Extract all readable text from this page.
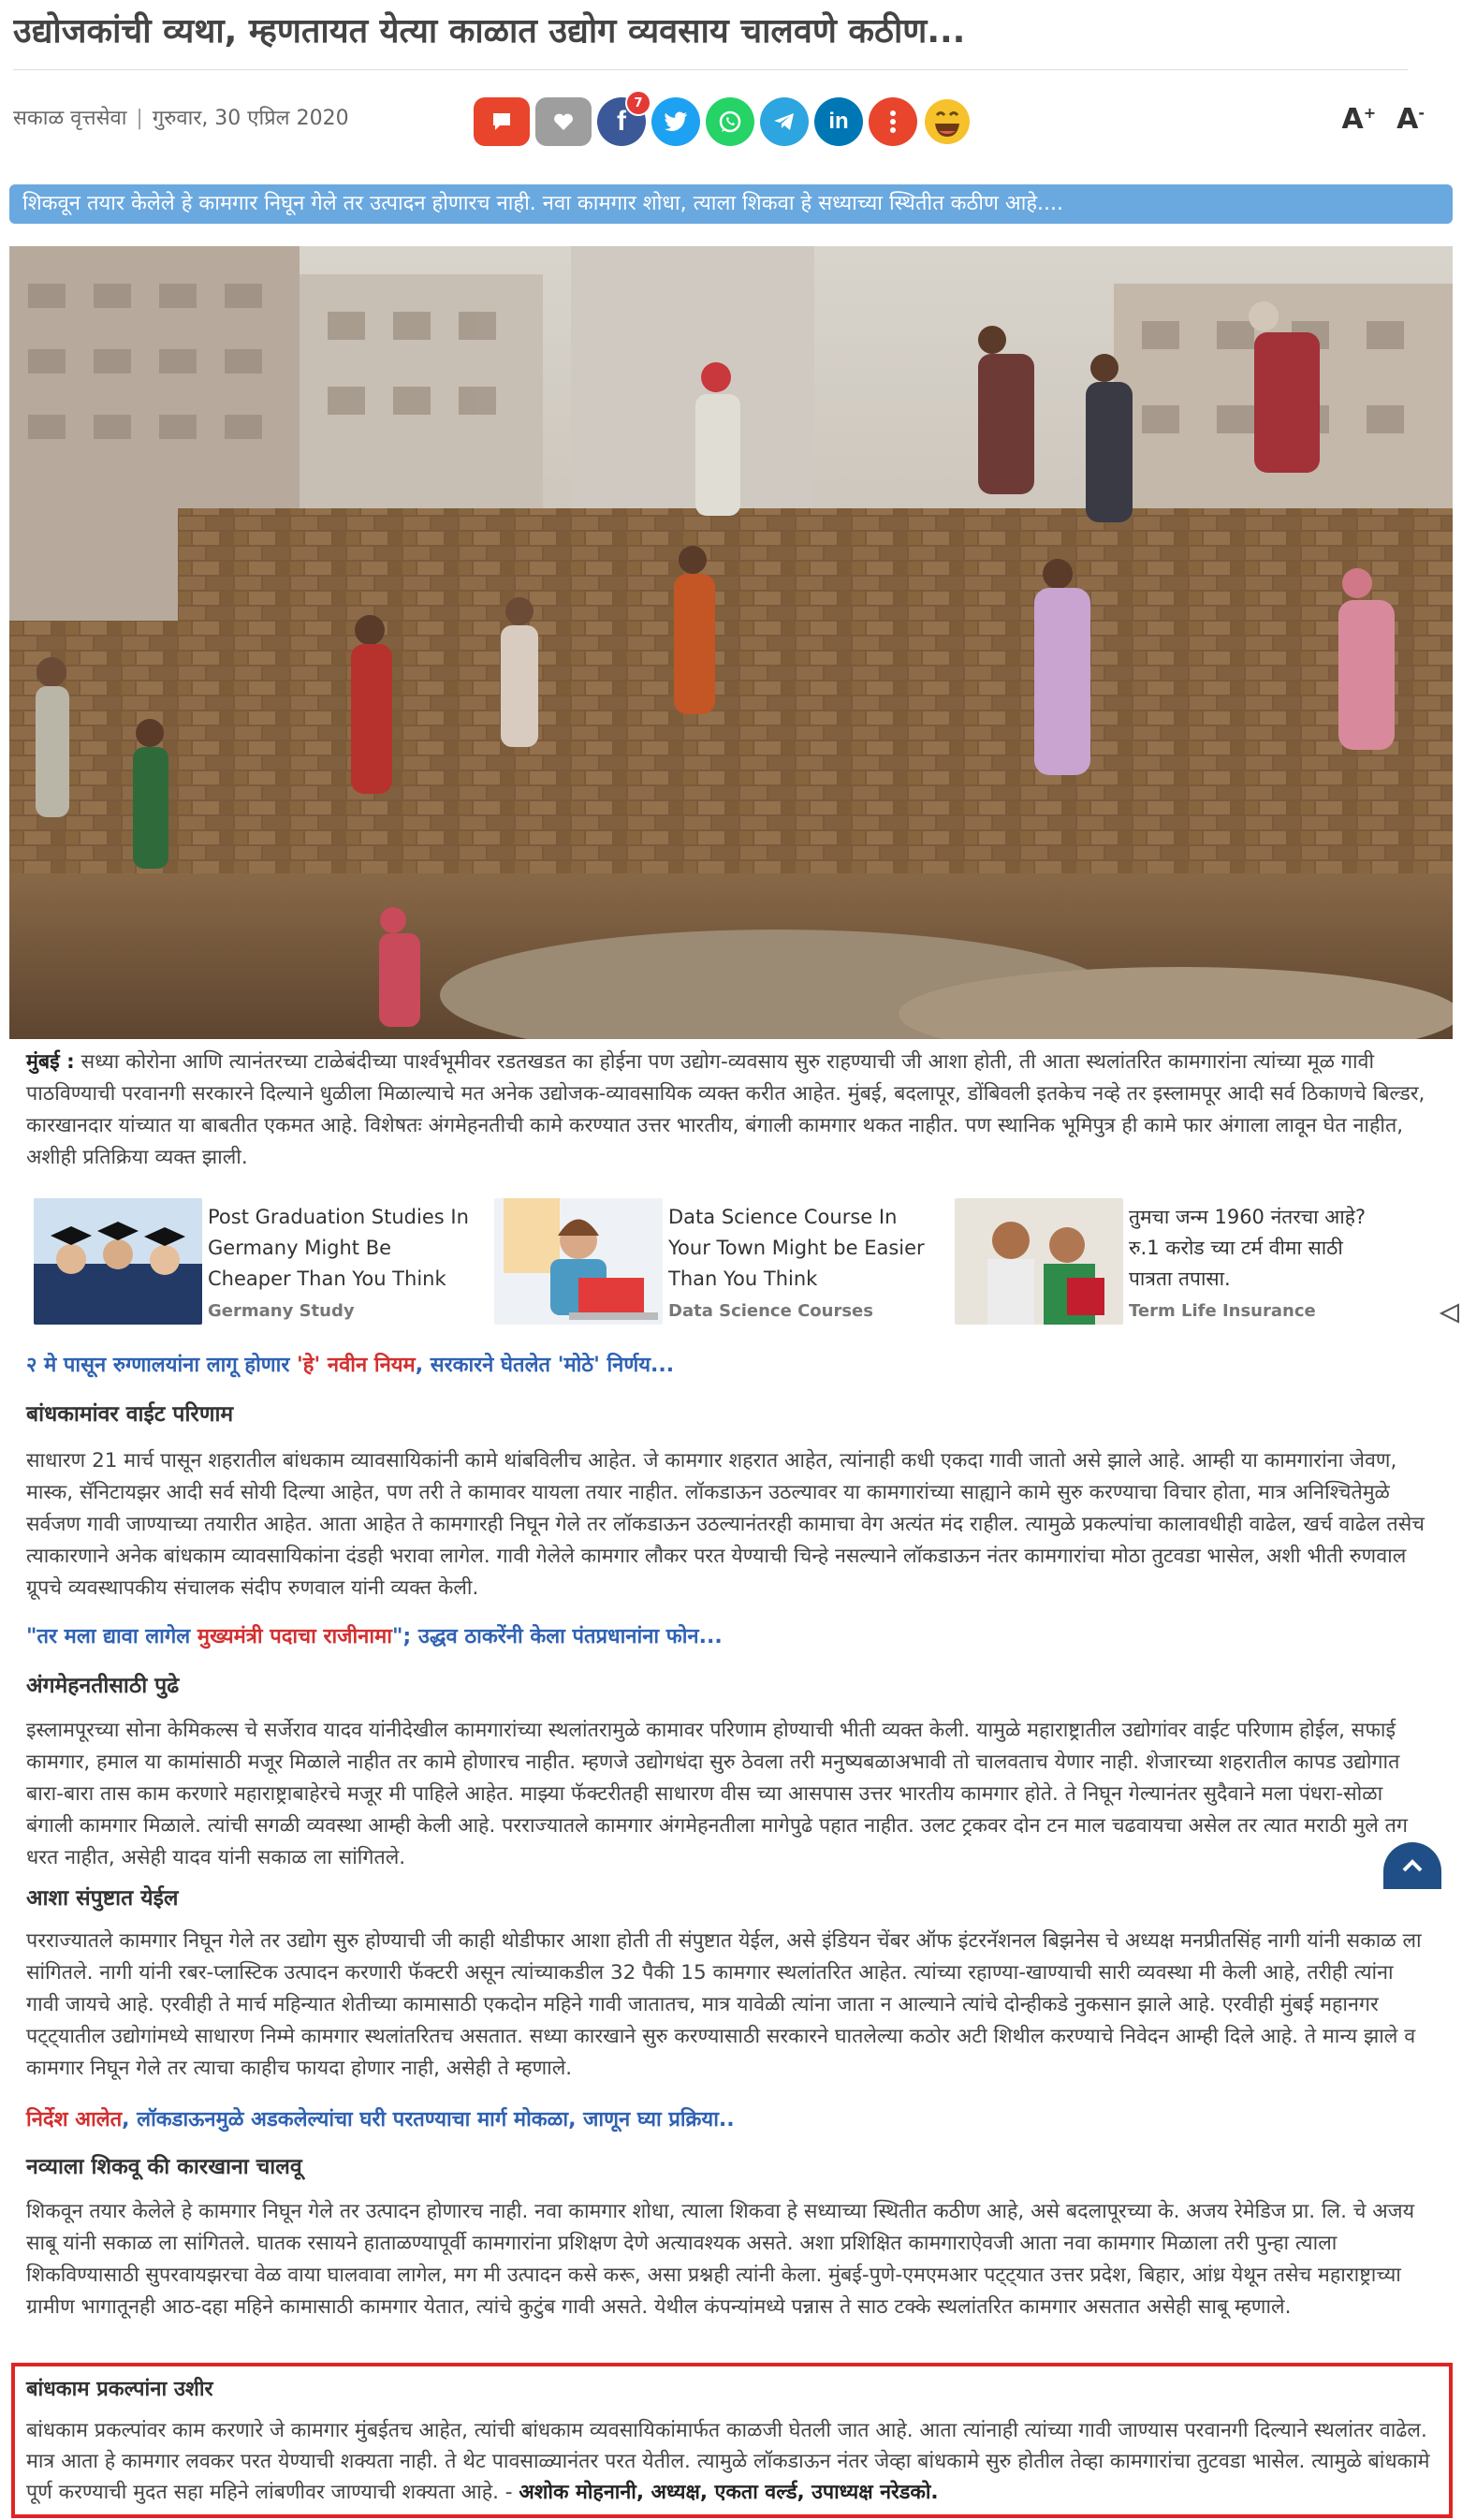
उद्योजकांची व्यथा, म्हणतायत येत्या काळात उद्योग व्यवसाय चालवणे कठीण...
सकाळ वृत्तसेवा | गुरुवार, 30 एप्रिल 2020	f
7
in	A+ A-
शिकवून तयार केलेले हे कामगार निघून गेले तर उत्पादन होणारच नाही. नवा कामगार शोधा, त्याला शिकवा हे सध्याच्या स्थितीत कठीण आहे....
मुंबई : सध्या कोरोना आणि त्यानंतरच्या टाळेबंदीच्या पार्श्वभूमीवर रडतखडत का होईना पण उद्योग-व्यवसाय सुरु राहण्याची जी आशा होती, ती आता स्थलांतरित कामगारांना त्यांच्या मूळ गावी पाठविण्याची परवानगी सरकारने दिल्याने धुळीला मिळाल्याचे मत अनेक उद्योजक-व्यावसायिक व्यक्त करीत आहेत. मुंबई, बदलापूर, डोंबिवली इतकेच नव्हे तर इस्लामपूर आदी सर्व ठिकाणचे बिल्डर, कारखानदार यांच्यात या बाबतीत एकमत आहे. विशेषतः अंगमेहनतीची कामे करण्यात उत्तर भारतीय, बंगाली कामगार थकत नाहीत. पण स्थानिक भूमिपुत्र ही कामे फार अंगाला लावून घेत नाहीत, अशीही प्रतिक्रिया व्यक्त झाली.
Post Graduation Studies In Germany Might Be Cheaper Than You Think
Germany Study
Data Science Course In Your Town Might be Easier Than You Think
Data Science Courses
तुमचा जन्म 1960 नंतरचा आहे? रु.1 करोड च्या टर्म वीमा साठी पात्रता तपासा.
Term Life Insurance
२ मे पासून रुग्णालयांना लागू होणार 'हे' नवीन नियम, सरकारने घेतलेत 'मोठे' निर्णय...
बांधकामांवर वाईट परिणाम
साधारण 21 मार्च पासून शहरातील बांधकाम व्यावसायिकांनी कामे थांबविलीच आहेत. जे कामगार शहरात आहेत, त्यांनाही कधी एकदा गावी जातो असे झाले आहे. आम्ही या कामगारांना जेवण, मास्क, सॅनिटायझर आदी सर्व सोयी दिल्या आहेत, पण तरी ते कामावर यायला तयार नाहीत. लॉकडाऊन उठल्यावर या कामगारांच्या साह्याने कामे सुरु करण्याचा विचार होता, मात्र अनिश्चितेमुळे सर्वजण गावी जाण्याच्या तयारीत आहेत. आता आहेत ते कामगारही निघून गेले तर लॉकडाऊन उठल्यानंतरही कामाचा वेग अत्यंत मंद राहील. त्यामुळे प्रकल्पांचा कालावधीही वाढेल, खर्च वाढेल तसेच त्याकारणाने अनेक बांधकाम व्यावसायिकांना दंडही भरावा लागेल. गावी गेलेले कामगार लौकर परत येण्याची चिन्हे नसल्याने लॉकडाऊन नंतर कामगारांचा मोठा तुटवडा भासेल, अशी भीती रुणवाल ग्रूपचे व्यवस्थापकीय संचालक संदीप रुणवाल यांनी व्यक्त केली.
"तर मला द्यावा लागेल मुख्यमंत्री पदाचा राजीनामा"; उद्धव ठाकरेंनी केला पंतप्रधानांना फोन...
अंगमेहनतीसाठी पुढे
इस्लामपूरच्या सोना केमिकल्स चे सर्जेराव यादव यांनीदेखील कामगारांच्या स्थलांतरामुळे कामावर परिणाम होण्याची भीती व्यक्त केली. यामुळे महाराष्ट्रातील उद्योगांवर वाईट परिणाम होईल, सफाई कामगार, हमाल या कामांसाठी मजूर मिळाले नाहीत तर कामे होणारच नाहीत. म्हणजे उद्योगधंदा सुरु ठेवला तरी मनुष्यबळाअभावी तो चालवताच येणार नाही. शेजारच्या शहरातील कापड उद्योगात बारा-बारा तास काम करणारे महाराष्ट्राबाहेरचे मजूर मी पाहिले आहेत. माझ्या फॅक्टरीतही साधारण वीस च्या आसपास उत्तर भारतीय कामगार होते. ते निघून गेल्यानंतर सुदैवाने मला पंधरा-सोळा बंगाली कामगार मिळाले. त्यांची सगळी व्यवस्था आम्ही केली आहे. परराज्यातले कामगार अंगमेहनतीला मागेपुढे पहात नाहीत. उलट ट्रकवर दोन टन माल चढवायचा असेल तर त्यात मराठी मुले तग धरत नाहीत, असेही यादव यांनी सकाळ ला सांगितले.
आशा संपुष्टात येईल
परराज्यातले कामगार निघून गेले तर उद्योग सुरु होण्याची जी काही थोडीफार आशा होती ती संपुष्टात येईल, असे इंडियन चेंबर ऑफ इंटरनॅशनल बिझनेस चे अध्यक्ष मनप्रीतसिंह नागी यांनी सकाळ ला सांगितले. नागी यांनी रबर-प्लास्टिक उत्पादन करणारी फॅक्टरी असून त्यांच्याकडील 32 पैकी 15 कामगार स्थलांतरित आहेत. त्यांच्या रहाण्या-खाण्याची सारी व्यवस्था मी केली आहे, तरीही त्यांना गावी जायचे आहे. एरवीही ते मार्च महिन्यात शेतीच्या कामासाठी एकदोन महिने गावी जातातच, मात्र यावेळी त्यांना जाता न आल्याने त्यांचे दोन्हीकडे नुकसान झाले आहे. एरवीही मुंबई महानगर पट्ट्यातील उद्योगांमध्ये साधारण निम्मे कामगार स्थलांतरितच असतात. सध्या कारखाने सुरु करण्यासाठी सरकारने घातलेल्या कठोर अटी शिथील करण्याचे निवेदन आम्ही दिले आहे. ते मान्य झाले व कामगार निघून गेले तर त्याचा काहीच फायदा होणार नाही, असेही ते म्हणाले.
निर्देश आलेत, लॉकडाऊनमुळे अडकलेल्यांचा घरी परतण्याचा मार्ग मोकळा, जाणून घ्या प्रक्रिया..
नव्याला शिकवू की कारखाना चालवू
शिकवून तयार केलेले हे कामगार निघून गेले तर उत्पादन होणारच नाही. नवा कामगार शोधा, त्याला शिकवा हे सध्याच्या स्थितीत कठीण आहे, असे बदलापूरच्या के. अजय रेमेडिज प्रा. लि. चे अजय साबू यांनी सकाळ ला सांगितले. घातक रसायने हाताळण्यापूर्वी कामगारांना प्रशिक्षण देणे अत्यावश्यक असते. अशा प्रशिक्षित कामगाराऐवजी आता नवा कामगार मिळाला तरी पुन्हा त्याला शिकविण्यासाठी सुपरवायझरचा वेळ वाया घालवावा लागेल, मग मी उत्पादन कसे करू, असा प्रश्नही त्यांनी केला. मुंबई-पुणे-एमएमआर पट्ट्यात उत्तर प्रदेश, बिहार, आंध्र येथून तसेच महाराष्ट्राच्या ग्रामीण भागातूनही आठ-दहा महिने कामासाठी कामगार येतात, त्यांचे कुटुंब गावी असते. येथील कंपन्यांमध्ये पन्नास ते साठ टक्के स्थलांतरित कामगार असतात असेही साबू म्हणाले.
बांधकाम प्रकल्पांना उशीर
बांधकाम प्रकल्पांवर काम करणारे जे कामगार मुंबईतच आहेत, त्यांची बांधकाम व्यवसायिकांमार्फत काळजी घेतली जात आहे. आता त्यांनाही त्यांच्या गावी जाण्यास परवानगी दिल्याने स्थलांतर वाढेल. मात्र आता हे कामगार लवकर परत येण्याची शक्यता नाही. ते थेट पावसाळ्यानंतर परत येतील. त्यामुळे लॉकडाऊन नंतर जेव्हा बांधकामे सुरु होतील तेव्हा कामगारांचा तुटवडा भासेल. त्यामुळे बांधकामे पूर्ण करण्याची मुदत सहा महिने लांबणीवर जाण्याची शक्यता आहे. - अशोक मोहनानी, अध्यक्ष, एकता वर्ल्ड, उपाध्यक्ष नरेडको.
